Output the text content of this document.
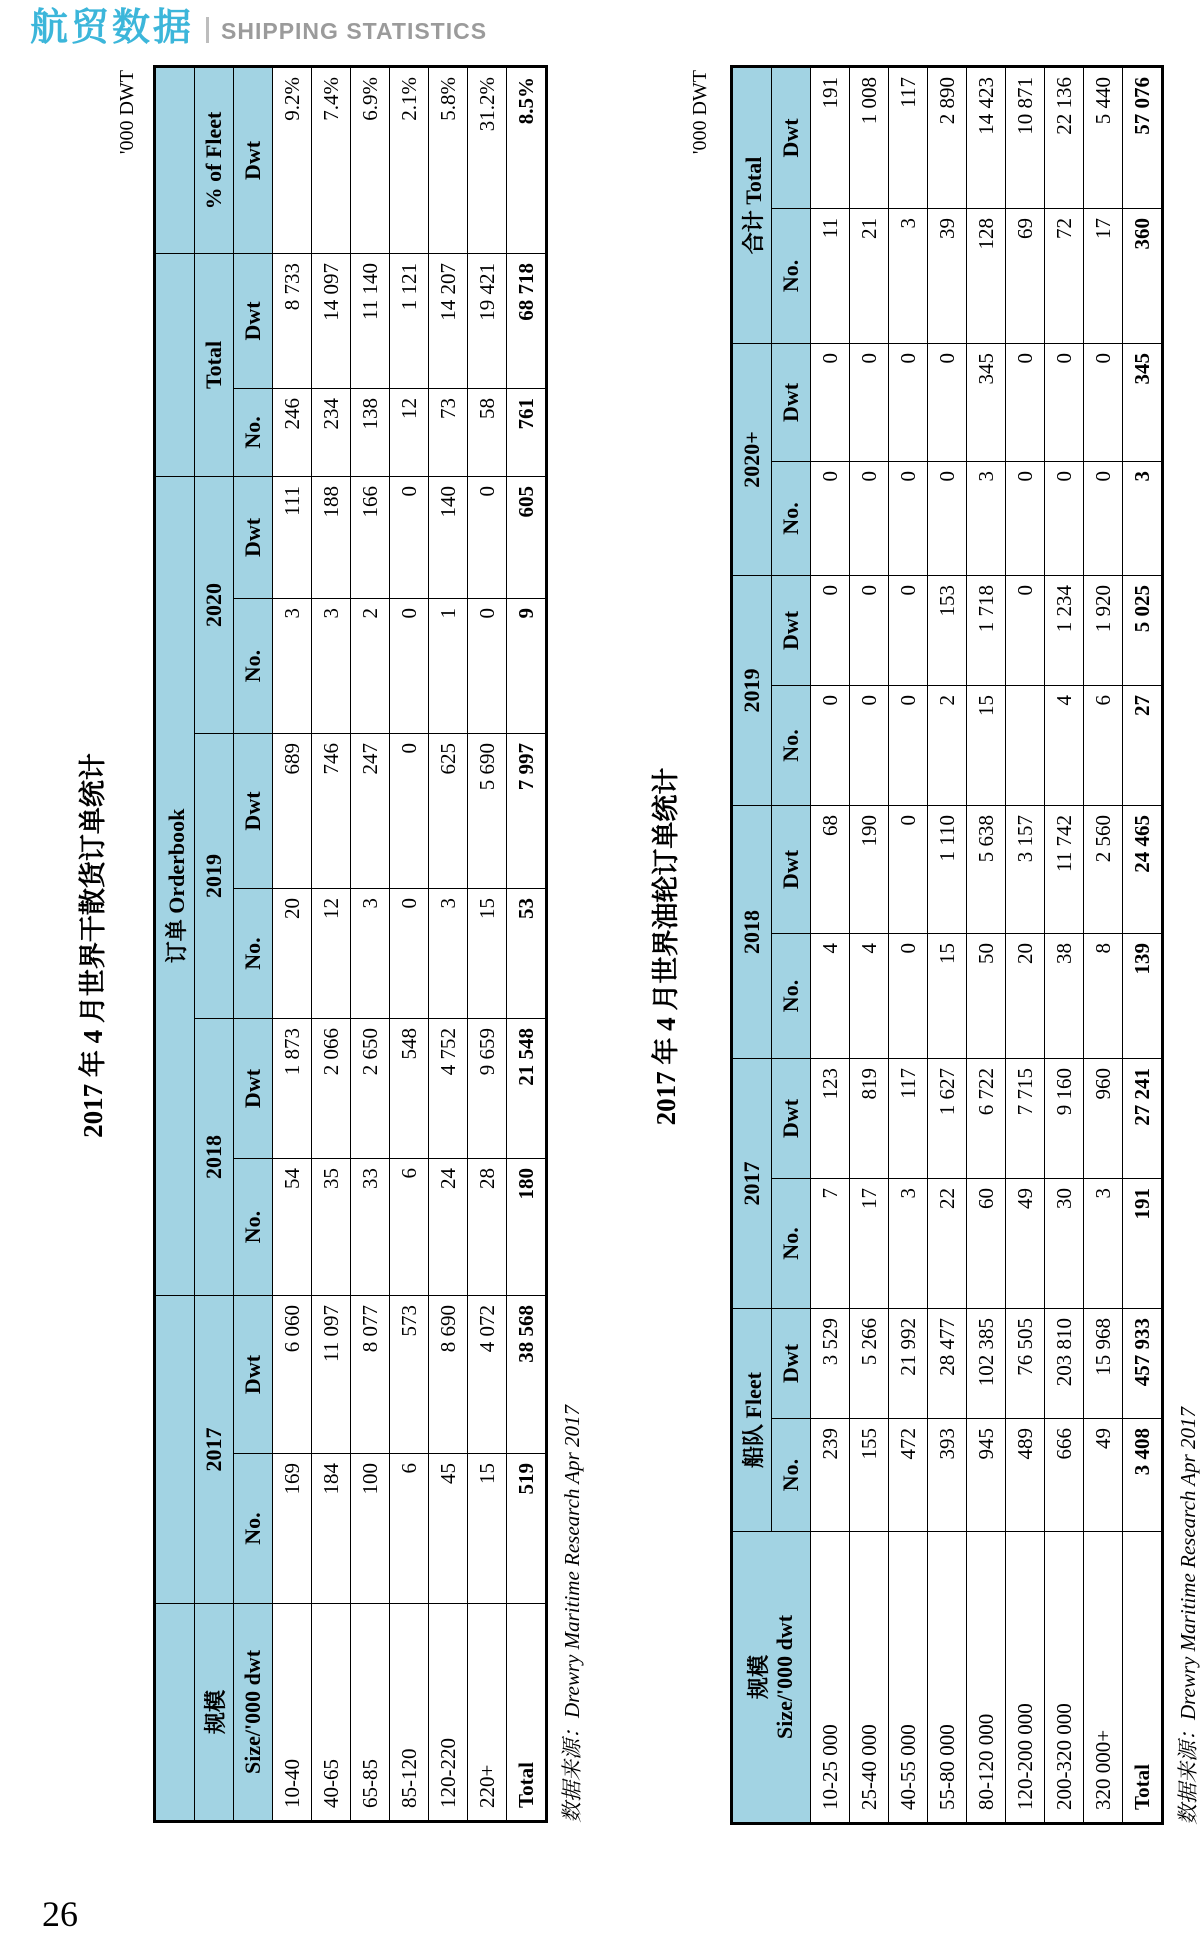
航贸数据 SHIPPING STATISTICS
2017 年 4 月世界干散货订单统计
'000 DWT
			订单 Orderbook								
规模	2017		2018		2019		2020		Total		% of Fleet
Size/'000 dwt	No.	Dwt	No.	Dwt	No.	Dwt	No.	Dwt	No.	Dwt	Dwt
10-40	169	6 060	54	1 873	20	689	3	111	246	8 733	9.2%
40-65	184	11 097	35	2 066	12	746	3	188	234	14 097	7.4%
65-85	100	8 077	33	2 650	3	247	2	166	138	11 140	6.9%
85-120	6	573	6	548	0	0	0	0	12	1 121	2.1%
120-220	45	8 690	24	4 752	3	625	1	140	73	14 207	5.8%
220+	15	4 072	28	9 659	15	5 690	0	0	58	19 421	31.2%
Total	519	38 568	180	21 548	53	7 997	9	605	761	68 718	8.5%
数据来源：Drewry Maritime Research Apr 2017
2017 年 4 月世界油轮订单统计
'000 DWT
规模 Size/'000 dwt	船队 Fleet		2017		2018		2019		2020+		合计 Total	
	No.	Dwt	No.	Dwt	No.	Dwt	No.	Dwt	No.	Dwt	No.	Dwt
10-25 000	239	3 529	7	123	4	68	0	0	0	0	11	191
25-40 000	155	5 266	17	819	4	190	0	0	0	0	21	1 008
40-55 000	472	21 992	3	117	0	0	0	0	0	0	3	117
55-80 000	393	28 477	22	1 627	15	1 110	2	153	0	0	39	2 890
80-120 000	945	102 385	60	6 722	50	5 638	15	1 718	3	345	128	14 423
120-200 000	489	76 505	49	7 715	20	3 157		0	0	0	69	10 871
200-320 000	666	203 810	30	9 160	38	11 742	4	1 234	0	0	72	22 136
320 000+	49	15 968	3	960	8	2 560	6	1 920	0	0	17	5 440
Total	3 408	457 933	191	27 241	139	24 465	27	5 025	3	345	360	57 076
数据来源：Drewry Maritime Research Apr 2017
26
